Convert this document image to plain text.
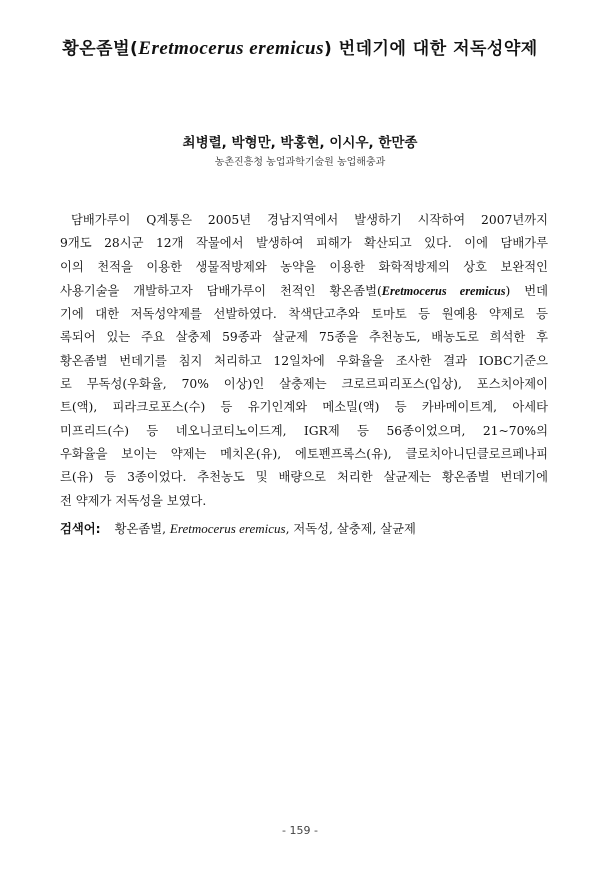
황온좀벌(Eretmocerus eremicus) 번데기에 대한 저독성약제
최병렬, 박형만, 박홍현, 이시우, 한만종
농촌진흥청 농업과학기술원 농업해충과
담배가루이 Q계통은 2005년 경남지역에서 발생하기 시작하여 2007년까지
9개도 28시군 12개 작물에서 발생하여 피해가 확산되고 있다. 이에 담배가루
이의 천적을 이용한 생물적방제와 농약을 이용한 화학적방제의 상호 보완적인
사용기술을 개발하고자 담배가루이 천적인 황온좀벌(Eretmocerus eremicus) 번데
기에 대한 저독성약제를 선발하였다. 착색단고추와 토마토 등 원예용 약제로 등
록되어 있는 주요 살충제 59종과 살균제 75종을 추천농도, 배농도로 희석한 후
황온좀벌 번데기를 침지 처리하고 12일차에 우화율을 조사한 결과 IOBC기준으
로 무독성(우화율, 70% 이상)인 살충제는 크로르피리포스(입상), 포스치아제이
트(액), 피라크로포스(수) 등 유기인계와 메소밀(액) 등 카바메이트계, 아세타
미프리드(수) 등 네오니코티노이드계, IGR제 등 56종이었으며, 21~70%의
우화율을 보이는 약제는 메치온(유), 에토펜프록스(유), 클로치아니딘클로르페나피
르(유) 등 3종이었다. 추천농도 및 배량으로 처리한 살균제는 황온좀벌 번데기에
전 약제가 저독성을 보였다.
검색어: 황온좀벌, Eretmocerus eremicus, 저독성, 살충제, 살균제
- 159 -
